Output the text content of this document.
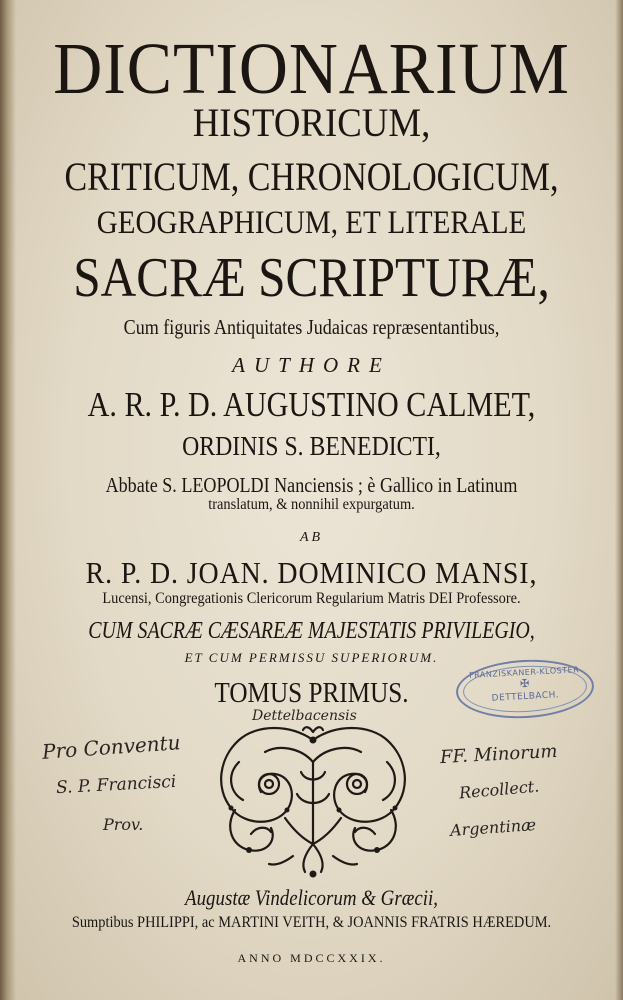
DICTIONARIUM
HISTORICUM,
CRITICUM, CHRONOLOGICUM,
GEOGRAPHICUM, ET LITERALE
SACRÆ SCRIPTURÆ,
Cum figuris Antiquitates Judaicas repræsentantibus,
AUTHORE
A. R. P. D. AUGUSTINO CALMET,
ORDINIS S. BENEDICTI,
Abbate S. LEOPOLDI Nanciensis ; è Gallico in Latinum
translatum, & nonnihil expurgatum.
AB
R. P. D. JOAN. DOMINICO MANSI,
Lucensi, Congregationis Clericorum Regularium Matris DEI Professore.
CUM SACRÆ CÆSAREÆ MAJESTATIS PRIVILEGIO,
ET CUM PERMISSU SUPERIORUM.
TOMUS PRIMUS.
Dettelbacensis
Pro Conventu
S. P. Francisci
Prov.
FF. Minorum
Recollect.
Argentinæ
FRANZISKANER-KLOSTER
✠
DETTELBACH.
Augustæ Vindelicorum & Græcii,
Sumptibus PHILIPPI, ac MARTINI VEITH, & JOANNIS FRATRIS HÆREDUM.
ANNO MDCCXXIX.
